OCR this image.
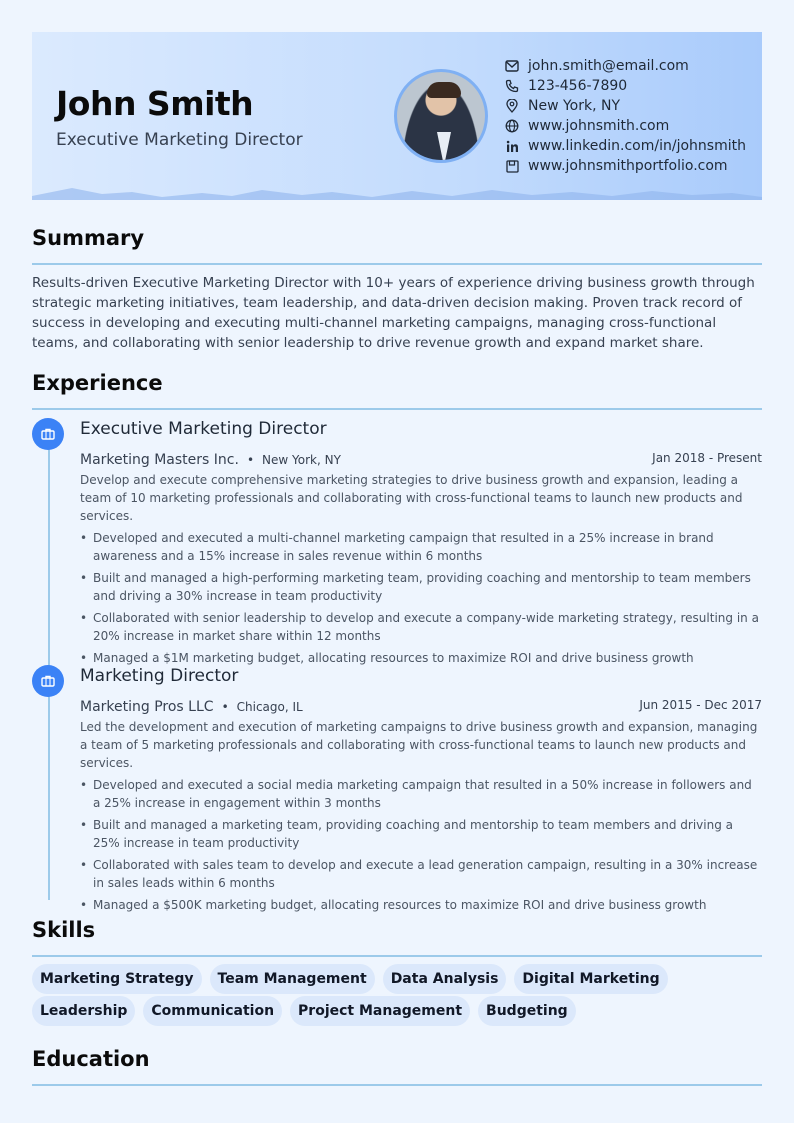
John Smith
Executive Marketing Director
john.smith@email.com
123-456-7890
New York, NY
www.johnsmith.com
www.linkedin.com/in/johnsmith
www.johnsmithportfolio.com
Summary

Results-driven Executive Marketing Director with 10+ years of experience driving business growth through strategic marketing initiatives, team leadership, and data-driven decision making. Proven track record of success in developing and executing multi-channel marketing campaigns, managing cross-functional teams, and collaborating with senior leadership to drive revenue growth and expand market share.

Experience
Executive Marketing Director
Marketing Masters Inc. • New York, NY	Jan 2018 - Present

Develop and execute comprehensive marketing strategies to drive business growth and expansion, leading a team of 10 marketing professionals and collaborating with cross-functional teams to launch new products and services.

• Developed and executed a multi-channel marketing campaign that resulted in a 25% increase in brand awareness and a 15% increase in sales revenue within 6 months
• Built and managed a high-performing marketing team, providing coaching and mentorship to team members and driving a 30% increase in team productivity
• Collaborated with senior leadership to develop and execute a company-wide marketing strategy, resulting in a 20% increase in market share within 12 months
• Managed a $1M marketing budget, allocating resources to maximize ROI and drive business growth
Marketing Director
Marketing Pros LLC • Chicago, IL	Jun 2015 - Dec 2017

Led the development and execution of marketing campaigns to drive business growth and expansion, managing a team of 5 marketing professionals and collaborating with cross-functional teams to launch new products and services.

• Developed and executed a social media marketing campaign that resulted in a 50% increase in followers and a 25% increase in engagement within 3 months
• Built and managed a marketing team, providing coaching and mentorship to team members and driving a 25% increase in team productivity
• Collaborated with sales team to develop and execute a lead generation campaign, resulting in a 30% increase in sales leads within 6 months
• Managed a $500K marketing budget, allocating resources to maximize ROI and drive business growth
Skills
Marketing Strategy	Team Management	Data Analysis	Digital Marketing
Leadership	Communication	Project Management	Budgeting
Education
